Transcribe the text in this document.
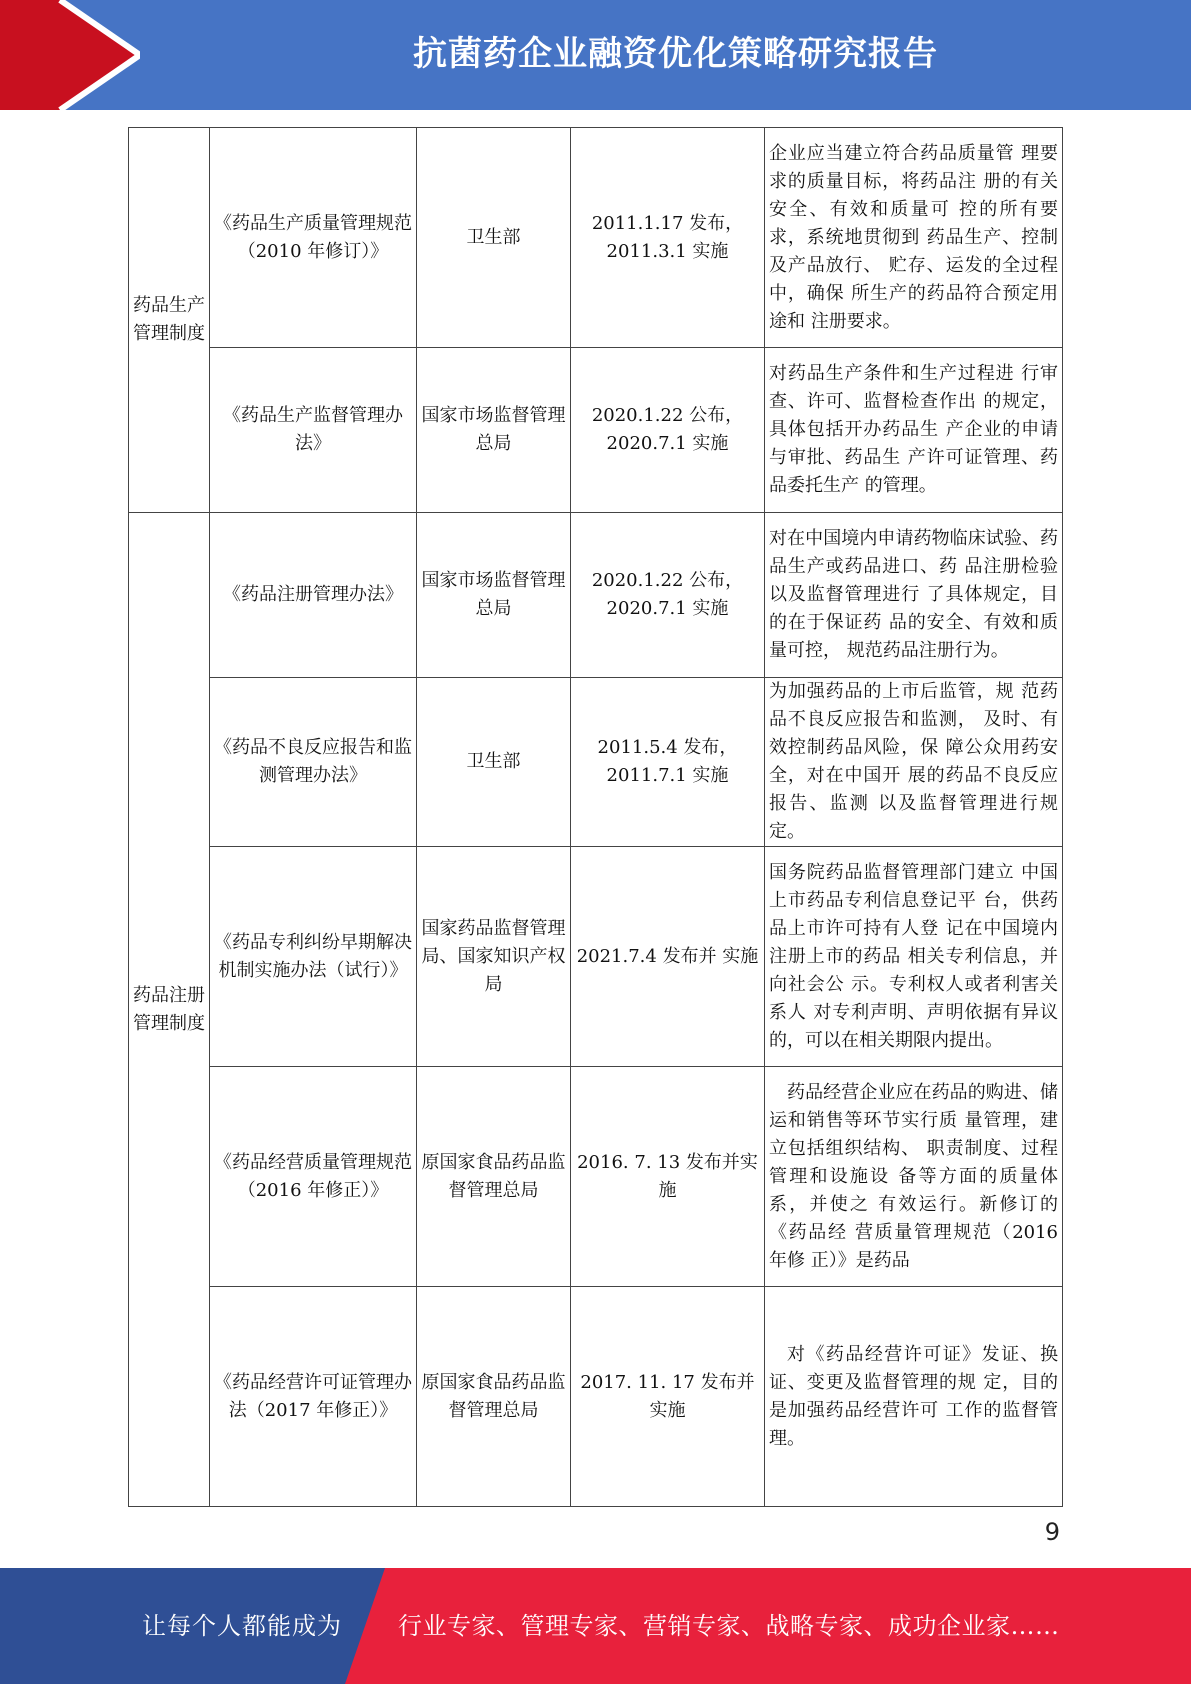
抗菌药企业融资优化策略研究报告
药品生产管理制度	《药品生产质量管理规范（2010 年修订）》	卫生部	2011.1.17 发布，2011.3.1 实施	企业应当建立符合药品质量管 理要求的质量目标，将药品注 册的有关安全、有效和质量可 控的所有要求，系统地贯彻到 药品生产、控制及产品放行、 贮存、运发的全过程中，确保 所生产的药品符合预定用途和 注册要求。
	《药品生产监督管理办法》	国家市场监督管理总局	2020.1.22 公布，2020.7.1 实施	对药品生产条件和生产过程进 行审查、许可、监督检查作出 的规定，具体包括开办药品生 产企业的申请与审批、药品生 产许可证管理、药品委托生产 的管理。
药品注册管理制度	《药品注册管理办法》	国家市场监督管理总局	2020.1.22 公布，2020.7.1 实施	对在中国境内申请药物临床试验、药品生产或药品进口、药 品注册检验以及监督管理进行 了具体规定，目的在于保证药 品的安全、有效和质量可控， 规范药品注册行为。
	《药品不良反应报告和监测管理办法》	卫生部	2011.5.4 发布，2011.7.1 实施	为加强药品的上市后监管，规 范药品不良反应报告和监测， 及时、有效控制药品风险，保 障公众用药安全，对在中国开 展的药品不良反应报告、监测 以及监督管理进行规定。
	《药品专利纠纷早期解决机制实施办法（试行）》	国家药品监督管理局、国家知识产权局	2021.7.4 发布并 实施	国务院药品监督管理部门建立 中国上市药品专利信息登记平 台，供药品上市许可持有人登 记在中国境内注册上市的药品 相关专利信息，并向社会公 示。专利权人或者利害关系人 对专利声明、声明依据有异议 的，可以在相关期限内提出。
	《药品经营质量管理规范（2016 年修正）》	原国家食品药品监督管理总局	2016. 7. 13 发布并实施	药品经营企业应在药品的购进、储运和销售等环节实行质 量管理，建立包括组织结构、 职责制度、过程管理和设施设 备等方面的质量体系，并使之 有效运行。新修订的《药品经 营质量管理规范（2016 年修 正）》是药品
	《药品经营许可证管理办法（2017 年修正）》	原国家食品药品监督管理总局	2017. 11. 17 发布并实施	对《药品经营许可证》发证、换证、变更及监督管理的规 定，目的是加强药品经营许可 工作的监督管理。
9
让每个人都能成为 行业专家、管理专家、营销专家、战略专家、成功企业家……
